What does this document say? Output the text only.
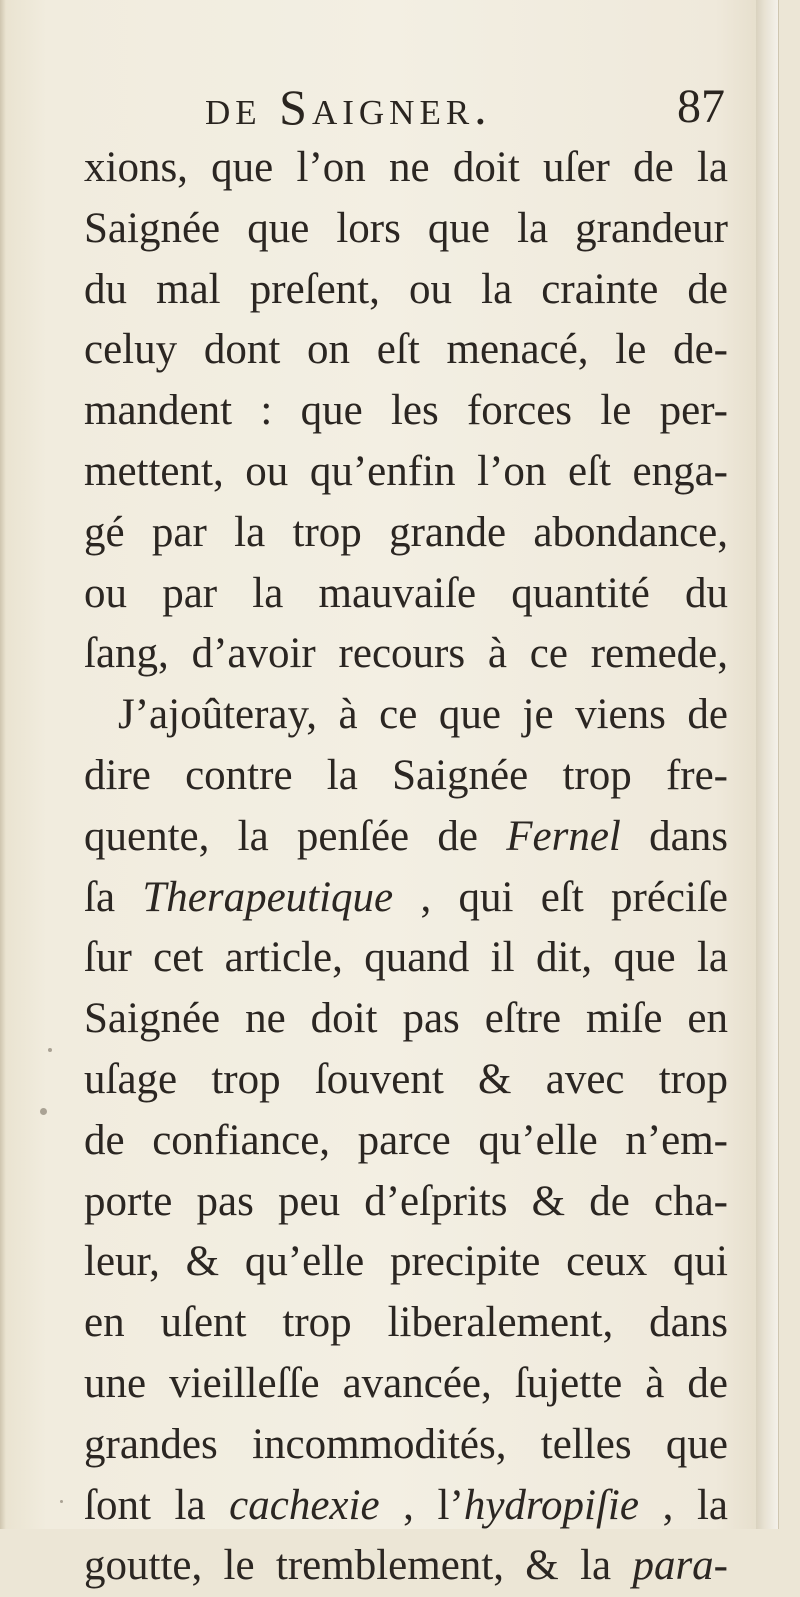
de Saigner.	87
xions, que l’on ne doit uſer de la
Saignée que lors que la grandeur
du mal preſent, ou la crainte de
celuy dont on eſt menacé, le de-
mandent : que les forces le per-
mettent, ou qu’enfin l’on eſt enga-
gé par la trop grande abondance,
ou par la mauvaiſe quantité du
ſang, d’avoir recours à ce remede,
J’ajoûteray, à ce que je viens de
dire contre la Saignée trop fre-
quente, la penſée de Fernel dans
ſa Therapeutique , qui eſt préciſe
ſur cet article, quand il dit, que la
Saignée ne doit pas eſtre miſe en
uſage trop ſouvent & avec trop
de confiance, parce qu’elle n’em-
porte pas peu d’eſprits & de cha-
leur, & qu’elle precipite ceux qui
en uſent trop liberalement, dans
une vieilleſſe avancée, ſujette à de
grandes incommodités, telles que
ſont la cachexie , l’hydropiſie , la
goutte, le tremblement, & la para-
